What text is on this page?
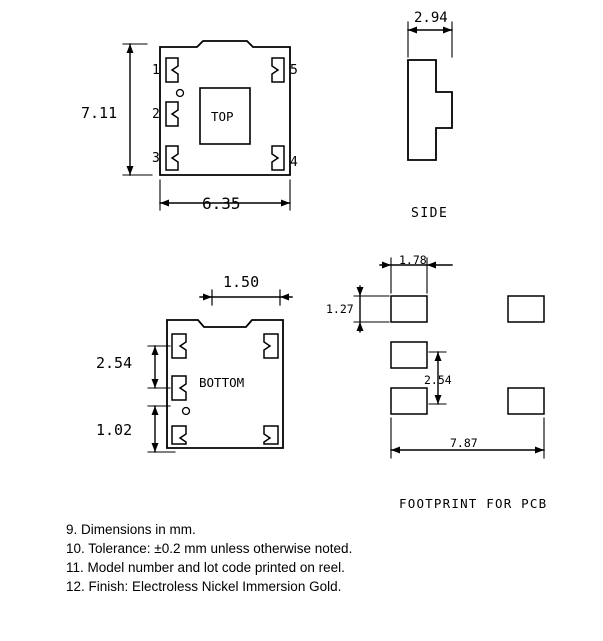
7.11
6.35
TOP
1
2
3	4
5
2.94
SIDE
1.50
2.54
1.02
BOTTOM
1.78
1.27
2.54
7.87
FOOTPRINT FOR PCB
9. Dimensions in mm.
10. Tolerance: ±0.2 mm unless otherwise noted.
11. Model number and lot code printed on reel.
12. Finish: Electroless Nickel Immersion Gold.
